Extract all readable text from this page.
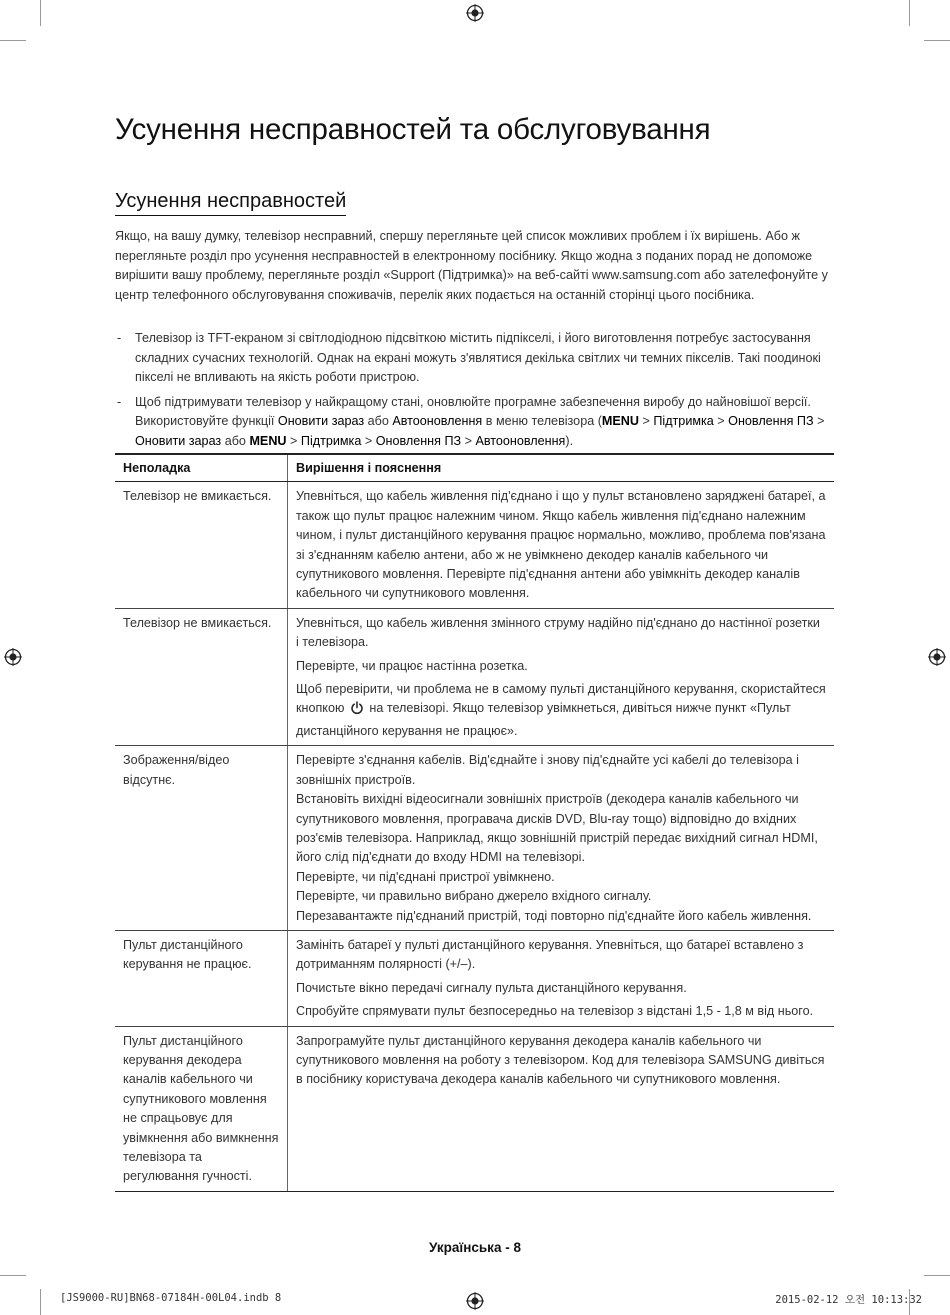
Усунення несправностей та обслуговування
Усунення несправностей

Якщо, на вашу думку, телевізор несправний, спершу перегляньте цей список можливих проблем і їх вирішень. Або ж перегляньте розділ про усунення несправностей в електронному посібнику. Якщо жодна з поданих порад не допоможе вирішити вашу проблему, перегляньте розділ «Support (Підтримка)» на веб-сайті www.samsung.com або зателефонуйте у центр телефонного обслуговування споживачів, перелік яких подається на останній сторінці цього посібника.

- Телевізор із TFT-екраном зі світлодіодною підсвіткою містить підпікселі, і його виготовлення потребує застосування складних сучасних технологій. Однак на екрані можуть з'являтися декілька світлих чи темних пікселів. Такі поодинокі пікселі не впливають на якість роботи пристрою.
- Щоб підтримувати телевізор у найкращому стані, оновлюйте програмне забезпечення виробу до найновішої версії. Використовуйте функції Оновити зараз або Автооновлення в меню телевізора (MENU > Підтримка > Оновлення ПЗ > Оновити зараз або MENU > Підтримка > Оновлення ПЗ > Автооновлення).
Неполадка	Вирішення і пояснення
Телевізор не вмикається.	Упевніться, що кабель живлення під'єднано і що у пульт встановлено заряджені батареї, а також що пульт працює належним чином. Якщо кабель живлення під'єднано належним чином, і пульт дистанційного керування працює нормально, можливо, проблема пов'язана зі з'єднанням кабелю антени, або ж не увімкнено декодер каналів кабельного чи супутникового мовлення. Перевірте під'єднання антени або увімкніть декодер каналів кабельного чи супутникового мовлення.

Телевізор не вмикається.	Упевніться, що кабель живлення змінного струму надійно під'єднано до настінної розетки і телевізора.

Перевірте, чи працює настінна розетка.

Щоб перевірити, чи проблема не в самому пульті дистанційного керування, скористайтеся кнопкою на телевізорі. Якщо телевізор увімкнеться, дивіться нижче пункт «Пульт дистанційного керування не працює».

Зображення/відео відсутнє.	Перевірте з'єднання кабелів. Від'єднайте і знову під'єднайте усі кабелі до телевізора і зовнішніх пристроїв.

Встановіть вихідні відеосигнали зовнішніх пристроїв (декодера каналів кабельного чи супутникового мовлення, програвача дисків DVD, Blu-ray тощо) відповідно до вхідних роз'ємів телевізора. Наприклад, якщо зовнішній пристрій передає вихідний сигнал HDMI, його слід під'єднати до входу HDMI на телевізорі.

Перевірте, чи під'єднані пристрої увімкнено.

Перевірте, чи правильно вибрано джерело вхідного сигналу.

Перезавантажте під'єднаний пристрій, тоді повторно під'єднайте його кабель живлення.

Пульт дистанційного керування не працює.	Замініть батареї у пульті дистанційного керування. Упевніться, що батареї вставлено з дотриманням полярності (+/–).

Почистьте вікно передачі сигналу пульта дистанційного керування.

Спробуйте спрямувати пульт безпосередньо на телевізор з відстані 1,5 - 1,8 м від нього.

Пульт дистанційного керування декодера каналів кабельного чи супутникового мовлення не спрацьовує для увімкнення або вимкнення телевізора та регулювання гучності.	Запрограмуйте пульт дистанційного керування декодера каналів кабельного чи супутникового мовлення на роботу з телевізором. Код для телевізора SAMSUNG дивіться в посібнику користувача декодера каналів кабельного чи супутникового мовлення.

Українська - 8
[JS9000-RU]BN68-07184H-00L04.indb 8	2015-02-12 오전 10:13:32
